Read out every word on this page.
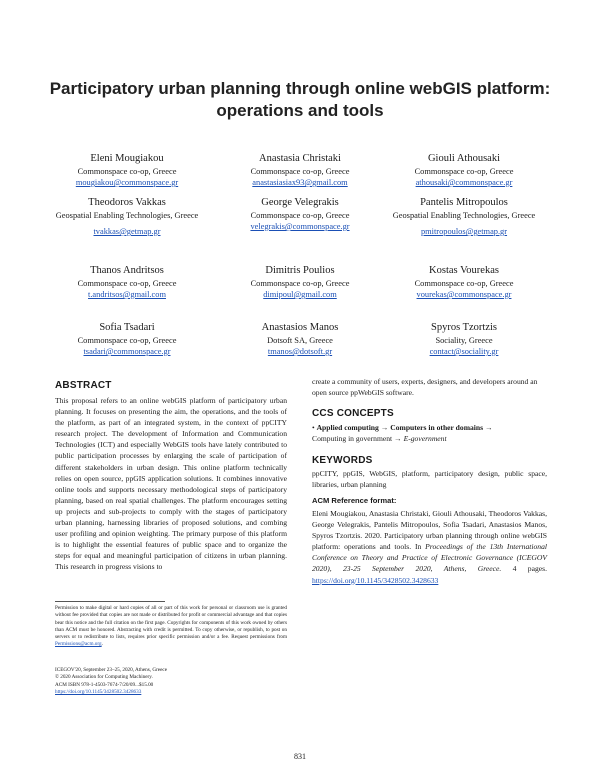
Participatory urban planning through online webGIS platform: operations and tools
Eleni Mougiakou
Commonspace co-op, Greece
mougiakou@commonspace.gr
Anastasia Christaki
Commonspace co-op, Greece
anastasiasiax93@gmail.com
Giouli Athousaki
Commonspace co-op, Greece
athousaki@commonspace.gr
Theodoros Vakkas
Geospatial Enabling Technologies, Greece
tvakkas@getmap.gr
George Velegrakis
Commonspace co-op, Greece
velegrakis@commonspace.gr
Pantelis Mitropoulos
Geospatial Enabling Technologies, Greece
pmitropoulos@getmap.gr
Thanos Andritsos
Commonspace co-op, Greece
t.andritsos@gmail.com
Dimitris Poulios
Commonspace co-op, Greece
dimipoul@gmail.com
Kostas Vourekas
Commonspace co-op, Greece
vourekas@commonspace.gr
Sofia Tsadari
Commonspace co-op, Greece
tsadari@commonspace.gr
Anastasios Manos
Dotsoft SA, Greece
tmanos@dotsoft.gr
Spyros Tzortzis
Sociality, Greece
contact@sociality.gr
ABSTRACT

This proposal refers to an online webGIS platform of participatory urban planning. It focuses on presenting the aim, the operations, and the tools of the platform, as part of an integrated system, in the context of ppCITY research project. The development of Information and Communication Technologies (ICT) and especially WebGIS tools have lately contributed to public participation processes by enlarging the scale of participation of different stakeholders in urban design. This online platform technically relies on open source, ppGIS application solutions. It combines innovative online tools and supports necessary methodological steps of participatory planning, based on real spatial challenges. The platform encourages setting up projects and sub-projects to comply with the stages of participatory urban planning, harnessing libraries of proposed solutions, and combing user profiling and opinion weighting. The primary purpose of this platform is to highlight the essential features of public space and to organize the steps for equal and meaningful participation of citizens in urban planning. This research in progress visions to

Permission to make digital or hard copies of all or part of this work for personal or classroom use is granted without fee provided that copies are not made or distributed for profit or commercial advantage and that copies bear this notice and the full citation on the first page. Copyrights for components of this work owned by others than ACM must be honored. Abstracting with credit is permitted. To copy otherwise, or republish, to post on servers or to redistribute to lists, requires prior specific permission and/or a fee. Request permissions from Permissions@acm.org.

ICEGOV'20, September 23–25, 2020, Athens, Greece
© 2020 Association for Computing Machinery.
ACM ISBN 978-1-4503-7674-7/20/09...$15.00
https://doi.org/10.1145/3428502.3428633

create a community of users, experts, designers, and developers around an open source ppWebGIS software.

CCS CONCEPTS
• Applied computing → Computers in other domains →
Computing in government → E-government
KEYWORDS

ppCITY, ppGIS, WebGIS, platform, participatory design, public space, libraries, urban planning

ACM Reference format:

Eleni Mougiakou, Anastasia Christaki, Giouli Athousaki, Theodoros Vakkas, George Velegrakis, Pantelis Mitropoulos, Sofia Tsadari, Anastasios Manos, Spyros Tzortzis. 2020. Participatory urban planning through online webGIS platform: operations and tools. In Proceedings of the 13th International Conference on Theory and Practice of Electronic Governance (ICEGOV 2020), 23-25 September 2020, Athens, Greece. 4 pages. https://doi.org/10.1145/3428502.3428633

831
